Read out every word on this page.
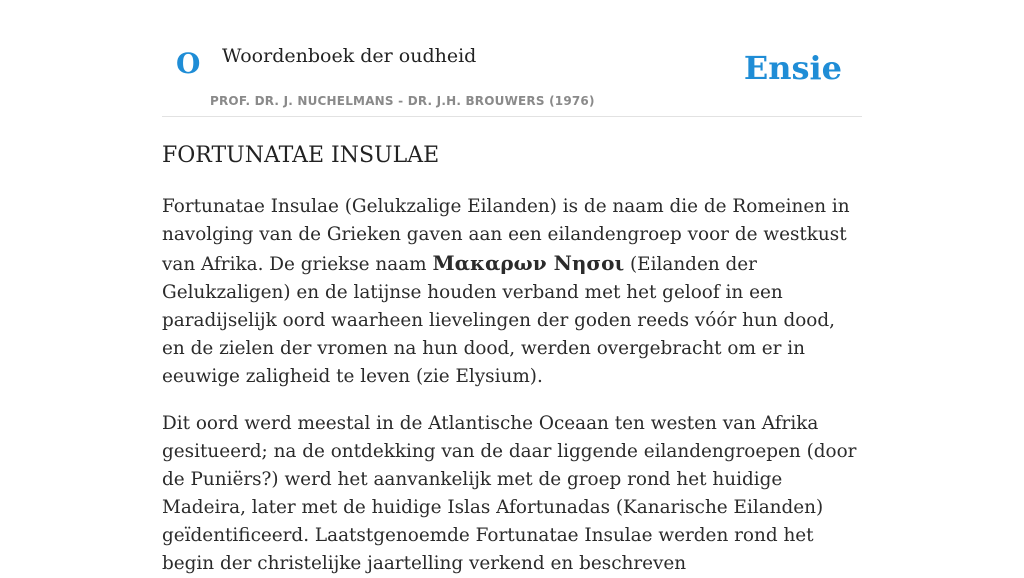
O Woordenboek der oudheid
PROF. DR. J. NUCHELMANS - DR. J.H. BROUWERS (1976)
Ensie
FORTUNATAE INSULAE

Fortunatae Insulae (Gelukzalige Eilanden) is de naam die de Romeinen in navolging van de Grieken gaven aan een eilandengroep voor de westkust van Afrika. De griekse naam Μακαρων Νησοι (Eilanden der Gelukzaligen) en de latijnse houden verband met het geloof in een paradijselijk oord waarheen lievelingen der goden reeds vóór hun dood, en de zielen der vromen na hun dood, werden overgebracht om er in eeuwige zaligheid te leven (zie Elysium).

Dit oord werd meestal in de Atlantische Oceaan ten westen van Afrika gesitueerd; na de ontdekking van de daar liggende eilandengroepen (door de Puniërs?) werd het aanvankelijk met de groep rond het huidige Madeira, later met de huidige Islas Afortunadas (Kanarische Eilanden) geïdentificeerd. Laatstgenoemde Fortunatae Insulae werden rond het begin der christelijke jaartelling verkend en beschreven
